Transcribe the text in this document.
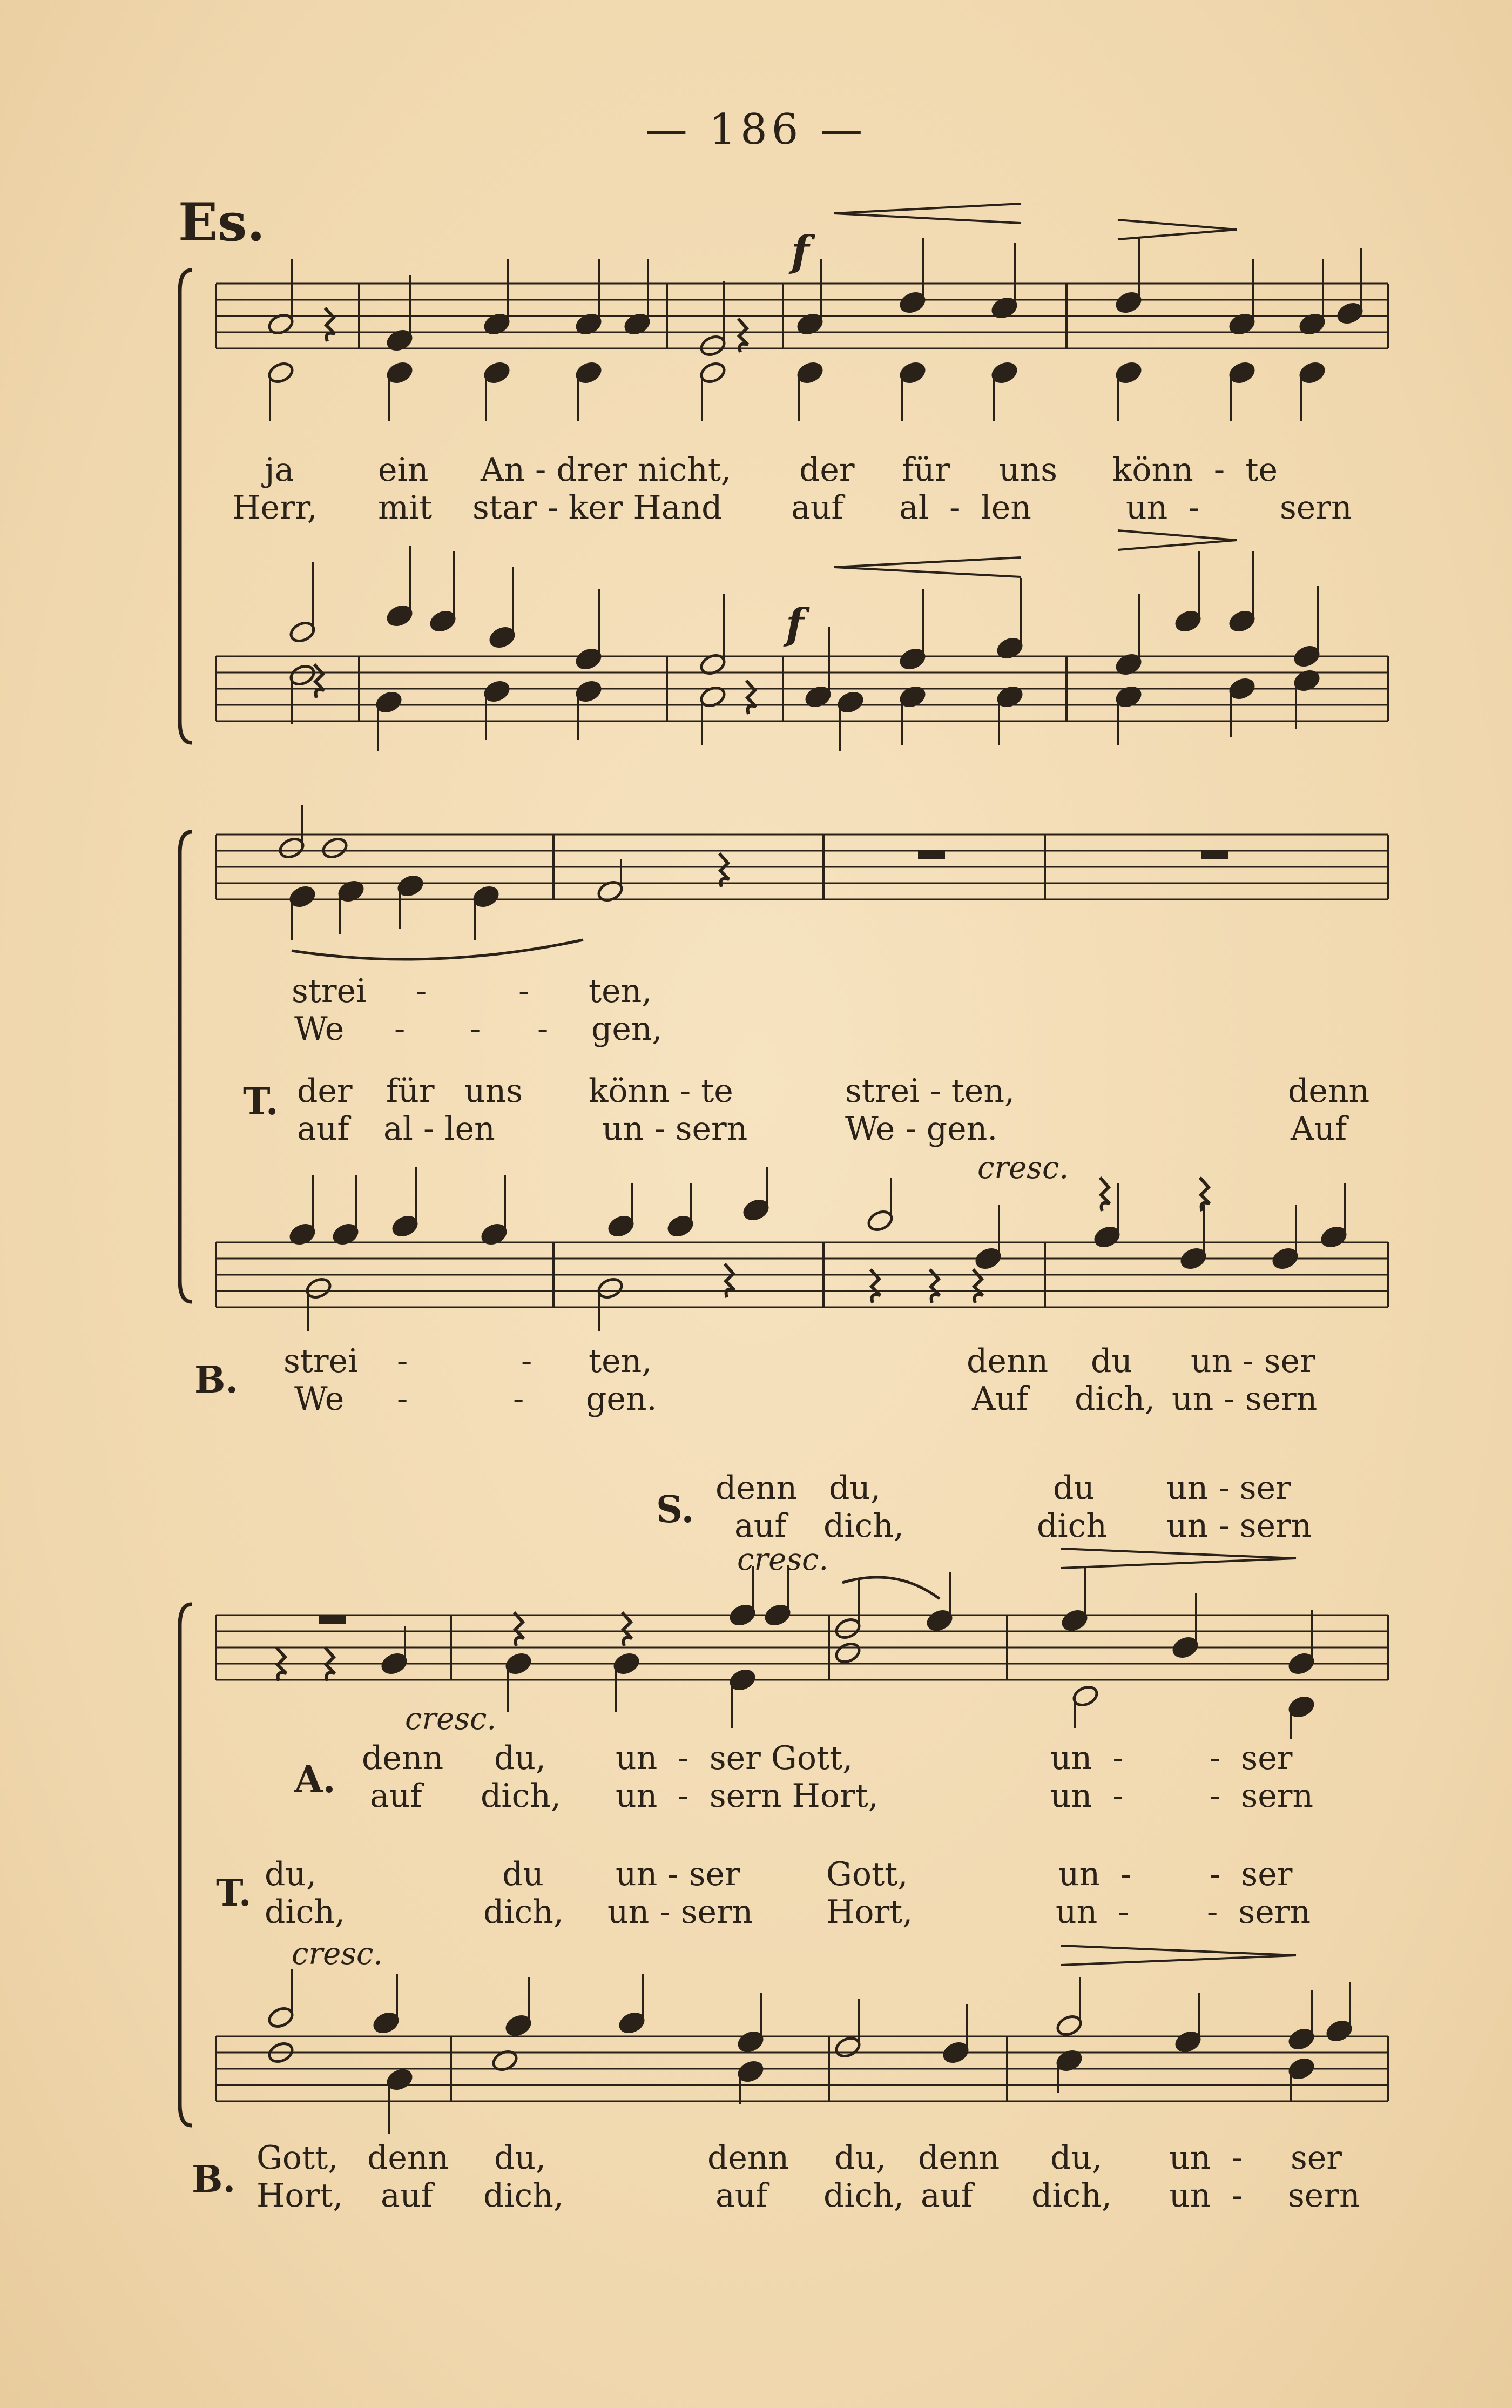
— 186 —
Es.
ja	ein An - drer nicht, der für uns könn  -  te
Herr, mit star - ker Hand auf al  -  len	un  - sern
f
f
strei -	- ten,
We - - - gen,
T. der für uns könn - te	strei - ten,	denn
auf al - len	un - sern	We - gen.	Auf
cresc.
B. strei -	- ten,	denn du un - ser
We -	- gen.	Auf dich, un - sern
S. denn du,	du un - ser
auf dich,	dich un - sern
cresc.
cresc.
A. denn du, un  -  ser Gott,	un  -	-  ser
auf dich, un  -  sern Hort,	un  -	-  sern
T. du,	du un - ser	Gott,	un  - -  ser
dich,	dich, un - sern Hort,	un  - -  sern
cresc.
B. Gott, denn du,	denn du, denn du, un  - ser
Hort, auf dich,	auf dich, auf dich, un  - sern
